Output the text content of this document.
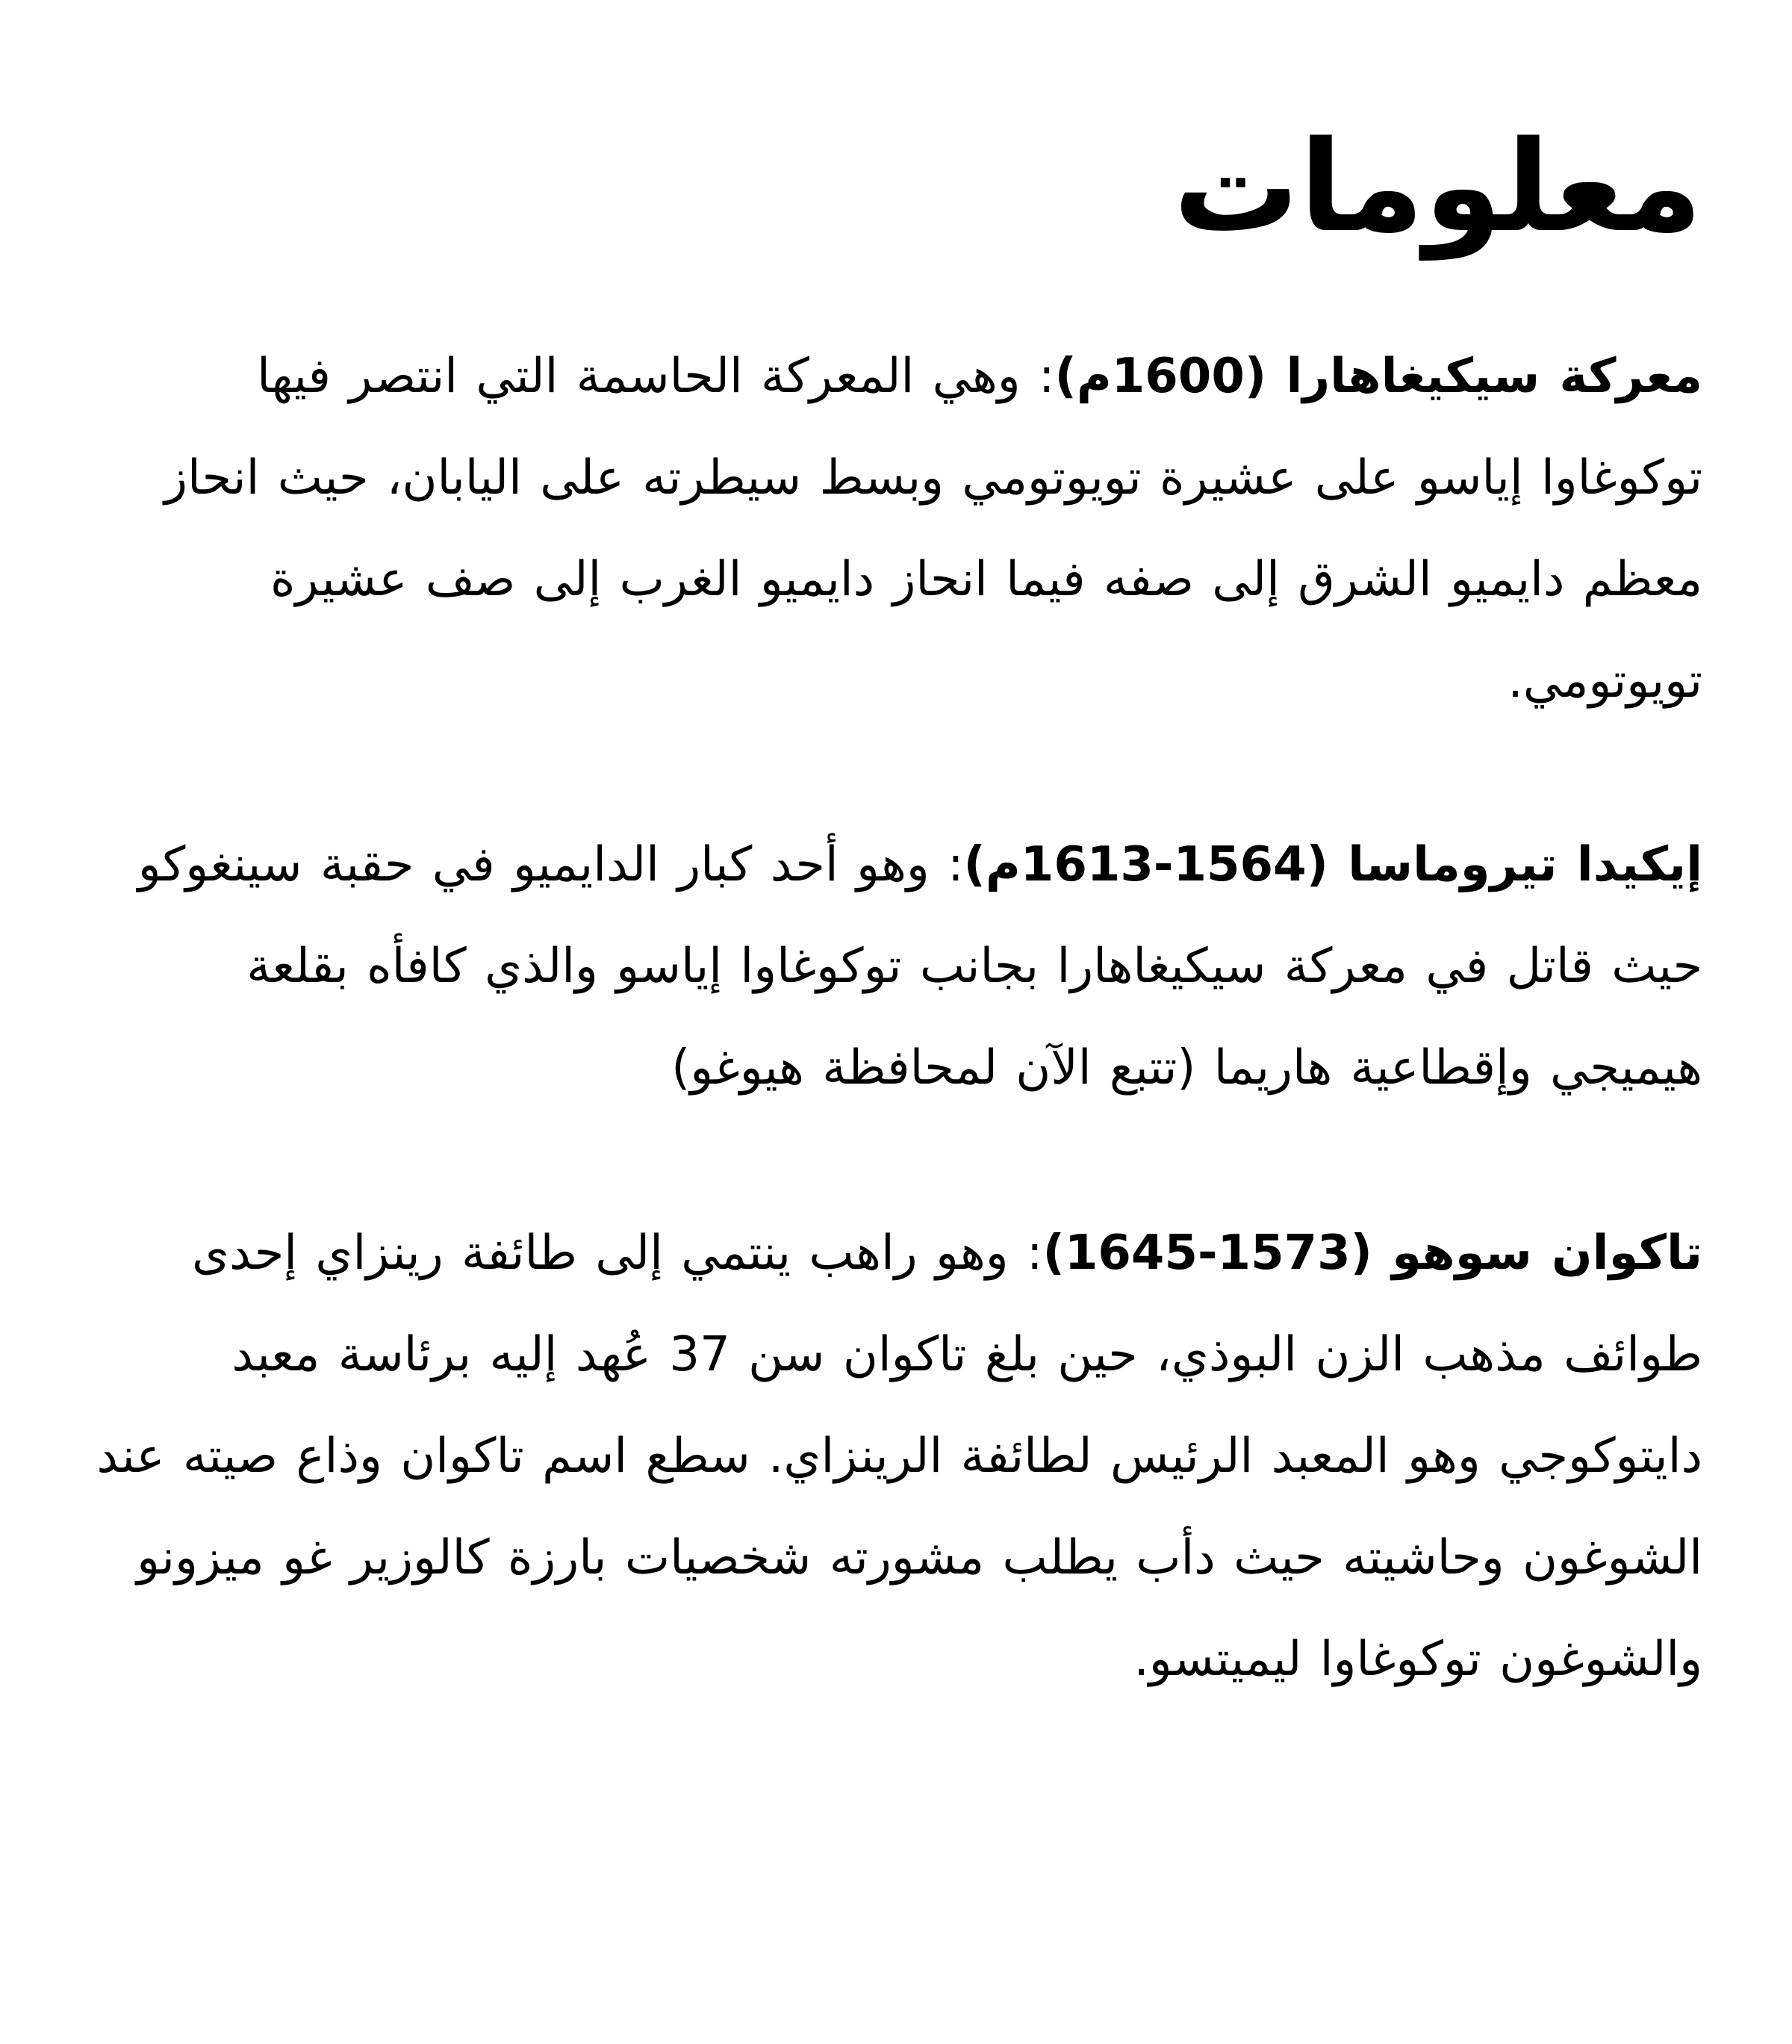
معلومات

معركة سيكيغاهارا (1600م): وهي المعركة الحاسمة التي انتصر فيها توكوغاوا إياسو على عشيرة تويوتومي وبسط سيطرته على اليابان، حيث انحاز معظم دايميو الشرق إلى صفه فيما انحاز دايميو الغرب إلى صف عشيرة تويوتومي.

إيكيدا تيروماسا (1564-1613م): وهو أحد كبار الدايميو في حقبة سينغوكو حيث قاتل في معركة سيكيغاهارا بجانب توكوغاوا إياسو والذي كافأه بقلعة هيميجي وإقطاعية هاريما (تتبع الآن لمحافظة هيوغو)

تاكوان سوهو (1573-1645): وهو راهب ينتمي إلى طائفة رينزاي إحدى طوائف مذهب الزن البوذي، حين بلغ تاكوان سن 37 عُهد إليه برئاسة معبد دايتوكوجي وهو المعبد الرئيس لطائفة الرينزاي. سطع اسم تاكوان وذاع صيته عند الشوغون وحاشيته حيث دأب يطلب مشورته شخصيات بارزة كالوزير غو ميزونو والشوغون توكوغاوا ليميتسو.
